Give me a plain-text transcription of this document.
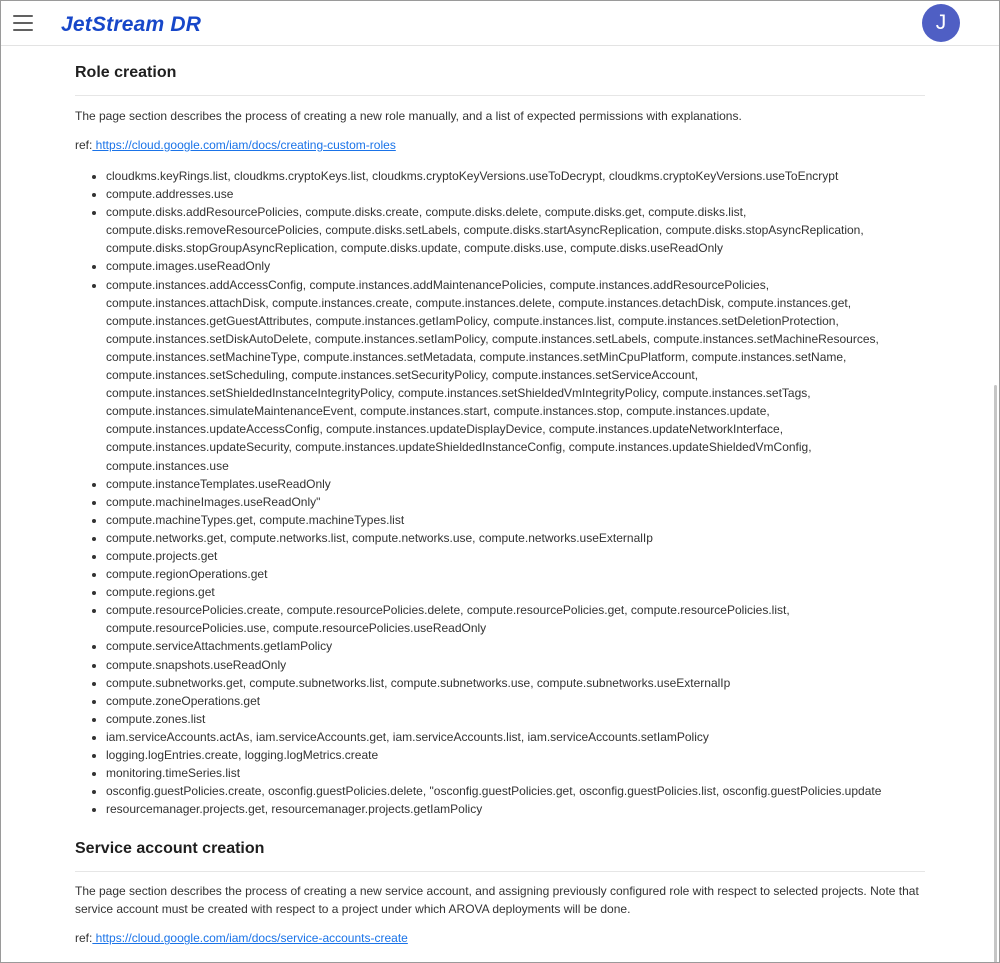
JetStream DR	J
Role creation

The page section describes the process of creating a new role manually, and a list of expected permissions with explanations.

ref: https://cloud.google.com/iam/docs/creating-custom-roles

• cloudkms.keyRings.list, cloudkms.cryptoKeys.list, cloudkms.cryptoKeyVersions.useToDecrypt, cloudkms.cryptoKeyVersions.useToEncrypt
• compute.addresses.use
• compute.disks.addResourcePolicies, compute.disks.create, compute.disks.delete, compute.disks.get, compute.disks.list, compute.disks.removeResourcePolicies, compute.disks.setLabels, compute.disks.startAsyncReplication, compute.disks.stopAsyncReplication, compute.disks.stopGroupAsyncReplication, compute.disks.update, compute.disks.use, compute.disks.useReadOnly
• compute.images.useReadOnly
• compute.instances.addAccessConfig, compute.instances.addMaintenancePolicies, compute.instances.addResourcePolicies, compute.instances.attachDisk, compute.instances.create, compute.instances.delete, compute.instances.detachDisk, compute.instances.get, compute.instances.getGuestAttributes, compute.instances.getIamPolicy, compute.instances.list, compute.instances.setDeletionProtection, compute.instances.setDiskAutoDelete, compute.instances.setIamPolicy, compute.instances.setLabels, compute.instances.setMachineResources, compute.instances.setMachineType, compute.instances.setMetadata, compute.instances.setMinCpuPlatform, compute.instances.setName, compute.instances.setScheduling, compute.instances.setSecurityPolicy, compute.instances.setServiceAccount, compute.instances.setShieldedInstanceIntegrityPolicy, compute.instances.setShieldedVmIntegrityPolicy, compute.instances.setTags, compute.instances.simulateMaintenanceEvent, compute.instances.start, compute.instances.stop, compute.instances.update, compute.instances.updateAccessConfig, compute.instances.updateDisplayDevice, compute.instances.updateNetworkInterface, compute.instances.updateSecurity, compute.instances.updateShieldedInstanceConfig, compute.instances.updateShieldedVmConfig, compute.instances.use
• compute.instanceTemplates.useReadOnly
• compute.machineImages.useReadOnly"
• compute.machineTypes.get, compute.machineTypes.list
• compute.networks.get, compute.networks.list, compute.networks.use, compute.networks.useExternalIp
• compute.projects.get
• compute.regionOperations.get
• compute.regions.get
• compute.resourcePolicies.create, compute.resourcePolicies.delete, compute.resourcePolicies.get, compute.resourcePolicies.list, compute.resourcePolicies.use, compute.resourcePolicies.useReadOnly
• compute.serviceAttachments.getIamPolicy
• compute.snapshots.useReadOnly
• compute.subnetworks.get, compute.subnetworks.list, compute.subnetworks.use, compute.subnetworks.useExternalIp
• compute.zoneOperations.get
• compute.zones.list
• iam.serviceAccounts.actAs, iam.serviceAccounts.get, iam.serviceAccounts.list, iam.serviceAccounts.setIamPolicy
• logging.logEntries.create, logging.logMetrics.create
• monitoring.timeSeries.list
• osconfig.guestPolicies.create, osconfig.guestPolicies.delete, "osconfig.guestPolicies.get, osconfig.guestPolicies.list, osconfig.guestPolicies.update
• resourcemanager.projects.get, resourcemanager.projects.getIamPolicy
Service account creation

The page section describes the process of creating a new service account, and assigning previously configured role with respect to selected projects. Note that service account must be created with respect to a project under which AROVA deployments will be done.

ref: https://cloud.google.com/iam/docs/service-accounts-create
